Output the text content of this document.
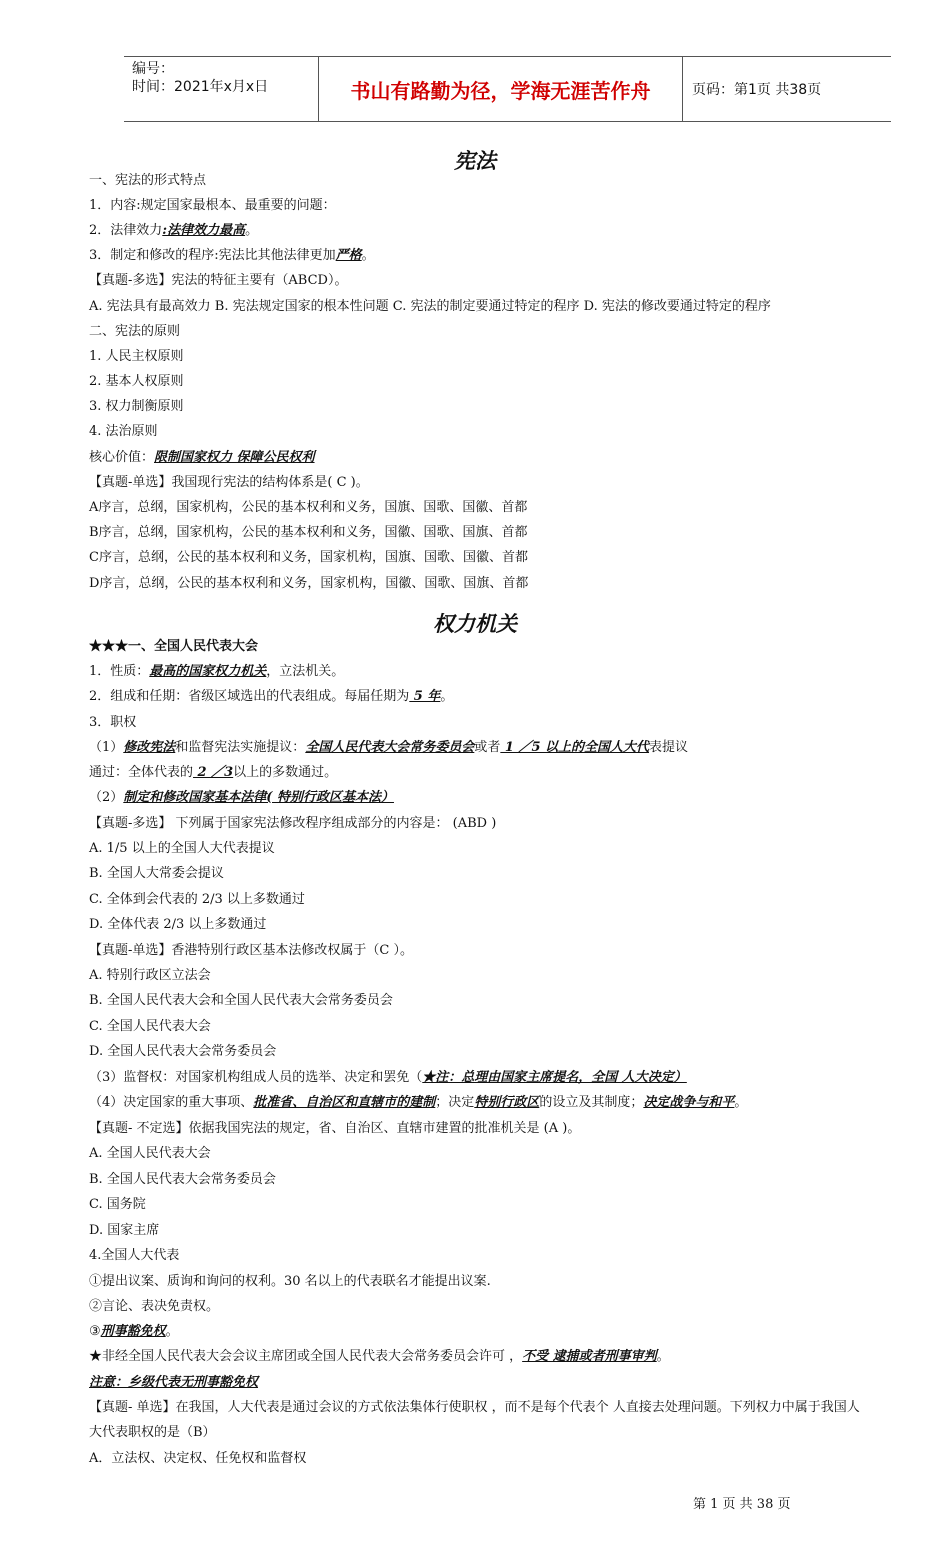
编号：
时间：2021年x月x日	书山有路勤为径，学海无涯苦作舟	页码：第1页 共38页
宪法
权力机关
一、宪法的形式特点
1．内容:规定国家最根本、最重要的问题：
2．法律效力:法律效力最高。
3．制定和修改的程序:宪法比其他法律更加严格。
【真题-多选】宪法的特征主要有（ABCD）。
A. 宪法具有最高效力 B. 宪法规定国家的根本性问题 C. 宪法的制定要通过特定的程序 D. 宪法的修改要通过特定的程序
二、宪法的原则
1. 人民主权原则
2. 基本人权原则
3. 权力制衡原则
4. 法治原则
核心价值：限制国家权力 保障公民权利
【真题-单选】我国现行宪法的结构体系是( C )。
A序言，总纲，国家机构，公民的基本权利和义务，国旗、国歌、国徽、首都
B序言，总纲，国家机构，公民的基本权利和义务，国徽、国歌、国旗、首都
C序言，总纲，公民的基本权利和义务，国家机构，国旗、国歌、国徽、首都
D序言，总纲，公民的基本权利和义务，国家机构，国徽、国歌、国旗、首都
★★★一、全国人民代表大会
1．性质：最高的国家权力机关，立法机关。
2．组成和任期：省级区域选出的代表组成。每届任期为 5 年。
3．职权
（1）修改宪法和监督宪法实施提议：全国人民代表大会常务委员会或者 1 ／5 以上的全国人大代表提议
通过：全体代表的 2 ／3以上的多数通过。
（2）制定和修改国家基本法律( 特别行政区基本法）
【真题-多选】 下列属于国家宪法修改程序组成部分的内容是： (ABD )
A. 1/5 以上的全国人大代表提议
B. 全国人大常委会提议
C. 全体到会代表的 2/3 以上多数通过
D. 全体代表 2/3 以上多数通过
【真题-单选】香港特别行政区基本法修改权属于（C ）。
A. 特别行政区立法会
B. 全国人民代表大会和全国人民代表大会常务委员会
C. 全国人民代表大会
D. 全国人民代表大会常务委员会
（3）监督权：对国家机构组成人员的选举、决定和罢免（★注：总理由国家主席提名，全国 人大决定）
（4）决定国家的重大事项、批准省、自治区和直辖市的建制；决定特别行政区的设立及其制度；决定战争与和平。
【真题- 不定选】依据我国宪法的规定，省、自治区、直辖市建置的批准机关是 (A )。
A. 全国人民代表大会
B. 全国人民代表大会常务委员会
C. 国务院
D. 国家主席
4.全国人大代表
①提出议案、质询和询问的权利。30 名以上的代表联名才能提出议案.
②言论、表决免责权。
③刑事豁免权。
★非经全国人民代表大会会议主席团或全国人民代表大会常务委员会许可 ，不受 逮捕或者刑事审判。
注意：乡级代表无刑事豁免权
【真题- 单选】在我国，人大代表是通过会议的方式依法集体行使职权 ，而不是每个代表个 人直接去处理问题。下列权力中属于我国人
大代表职权的是（B）
A．立法权、决定权、任免权和监督权
第 1 页 共 38 页
